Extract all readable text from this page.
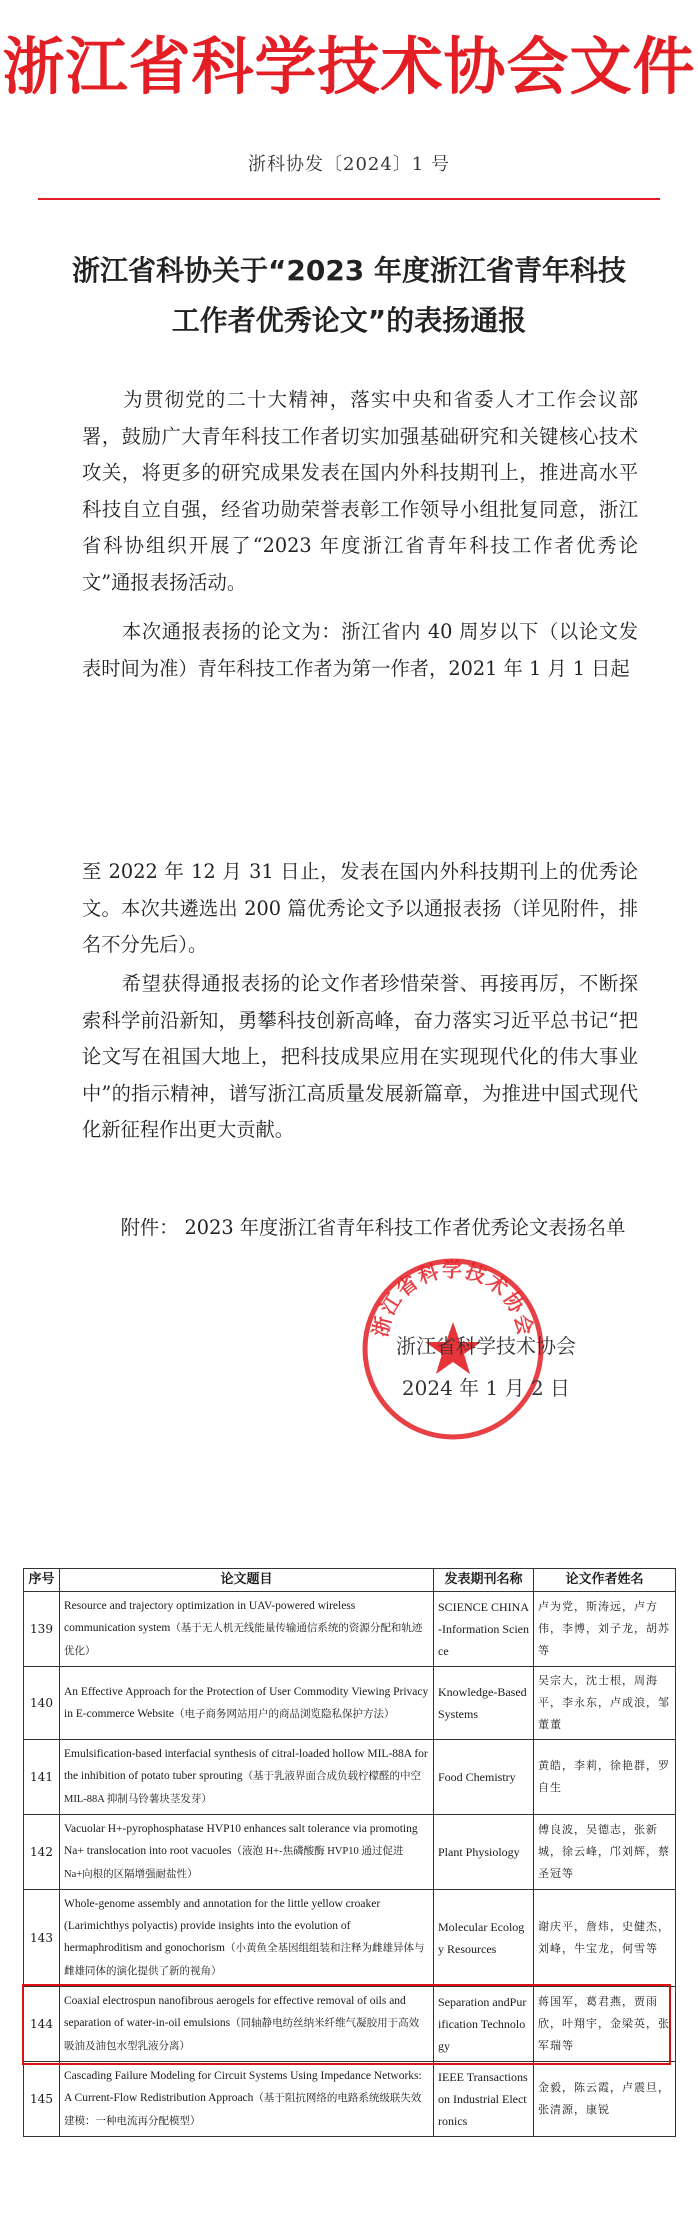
浙江省科学技术协会文件
浙科协发〔2024〕1 号
浙江省科协关于“2023 年度浙江省青年科技工作者优秀论文”的表扬通报

　　为贯彻党的二十大精神，落实中央和省委人才工作会议部署，鼓励广大青年科技工作者切实加强基础研究和关键核心技术攻关，将更多的研究成果发表在国内外科技期刊上，推进高水平科技自立自强，经省功勋荣誉表彰工作领导小组批复同意，浙江省科协组织开展了“2023 年度浙江省青年科技工作者优秀论文”通报表扬活动。

　　本次通报表扬的论文为：浙江省内 40 周岁以下（以论文发表时间为准）青年科技工作者为第一作者，2021 年 1 月 1 日起

至 2022 年 12 月 31 日止，发表在国内外科技期刊上的优秀论文。本次共遴选出 200 篇优秀论文予以通报表扬（详见附件，排名不分先后）。

　　希望获得通报表扬的论文作者珍惜荣誉、再接再厉，不断探索科学前沿新知，勇攀科技创新高峰，奋力落实习近平总书记“把论文写在祖国大地上，把科技成果应用在实现现代化的伟大事业中”的指示精神，谱写浙江高质量发展新篇章，为推进中国式现代化新征程作出更大贡献。

　　附件： 2023 年度浙江省青年科技工作者优秀论文表扬名单

浙江省科学技术协会
浙江省科学技术协会
2024 年 1 月 2 日
序号	论文题目	发表期刊名称	论文作者姓名
139	Resource and trajectory optimization in UAV-powered wireless communication system（基于无人机无线能量传输通信系统的资源分配和轨迹优化）	SCIENCE CHINA-Information Science	卢为党，斯涛远，卢方伟，李博，刘子龙，胡苏等
140	An Effective Approach for the Protection of User Commodity Viewing Privacy in E-commerce Website（电子商务网站用户的商品浏览隐私保护方法）	Knowledge-Based Systems	吴宗大，沈士根，周海平，李永东，卢成浪，邹董董
141	Emulsification-based interfacial synthesis of citral-loaded hollow MIL-88A for the inhibition of potato tuber sprouting（基于乳液界面合成负载柠檬醛的中空 MIL-88A 抑制马铃薯块茎发芽）	Food Chemistry	黄皓，李莉，徐艳群，罗自生
142	Vacuolar H+-pyrophosphatase HVP10 enhances salt tolerance via promoting Na+ translocation into root vacuoles（液泡 H+-焦磷酸酶 HVP10 通过促进 Na+向根的区隔增强耐盐性）	Plant Physiology	傅良波，吴德志，张新城，徐云峰，邝刘辉，蔡圣冠等
143	Whole-genome assembly and annotation for the little yellow croaker (Larimichthys polyactis) provide insights into the evolution of hermaphroditism and gonochorism（小黄鱼全基因组组装和注释为雌雄异体与雌雄同体的演化提供了新的视角）	Molecular Ecology Resources	谢庆平，詹炜，史健杰，刘峰，牛宝龙，何雪等
144	Coaxial electrospun nanofibrous aerogels for effective removal of oils and separation of water-in-oil emulsions（同轴静电纺丝纳米纤维气凝胶用于高效吸油及油包水型乳液分离）	Separation andPurification Technology	蒋国军，葛君燕，贾雨欣，叶翔宇，金梁英，张军瑞等
145	Cascading Failure Modeling for Circuit Systems Using Impedance Networks: A Current-Flow Redistribution Approach（基于阻抗网络的电路系统级联失效建模：一种电流再分配模型）	IEEE Transactions on Industrial Electronics	金毅，陈云霞，卢震旦，张清源，康锐
